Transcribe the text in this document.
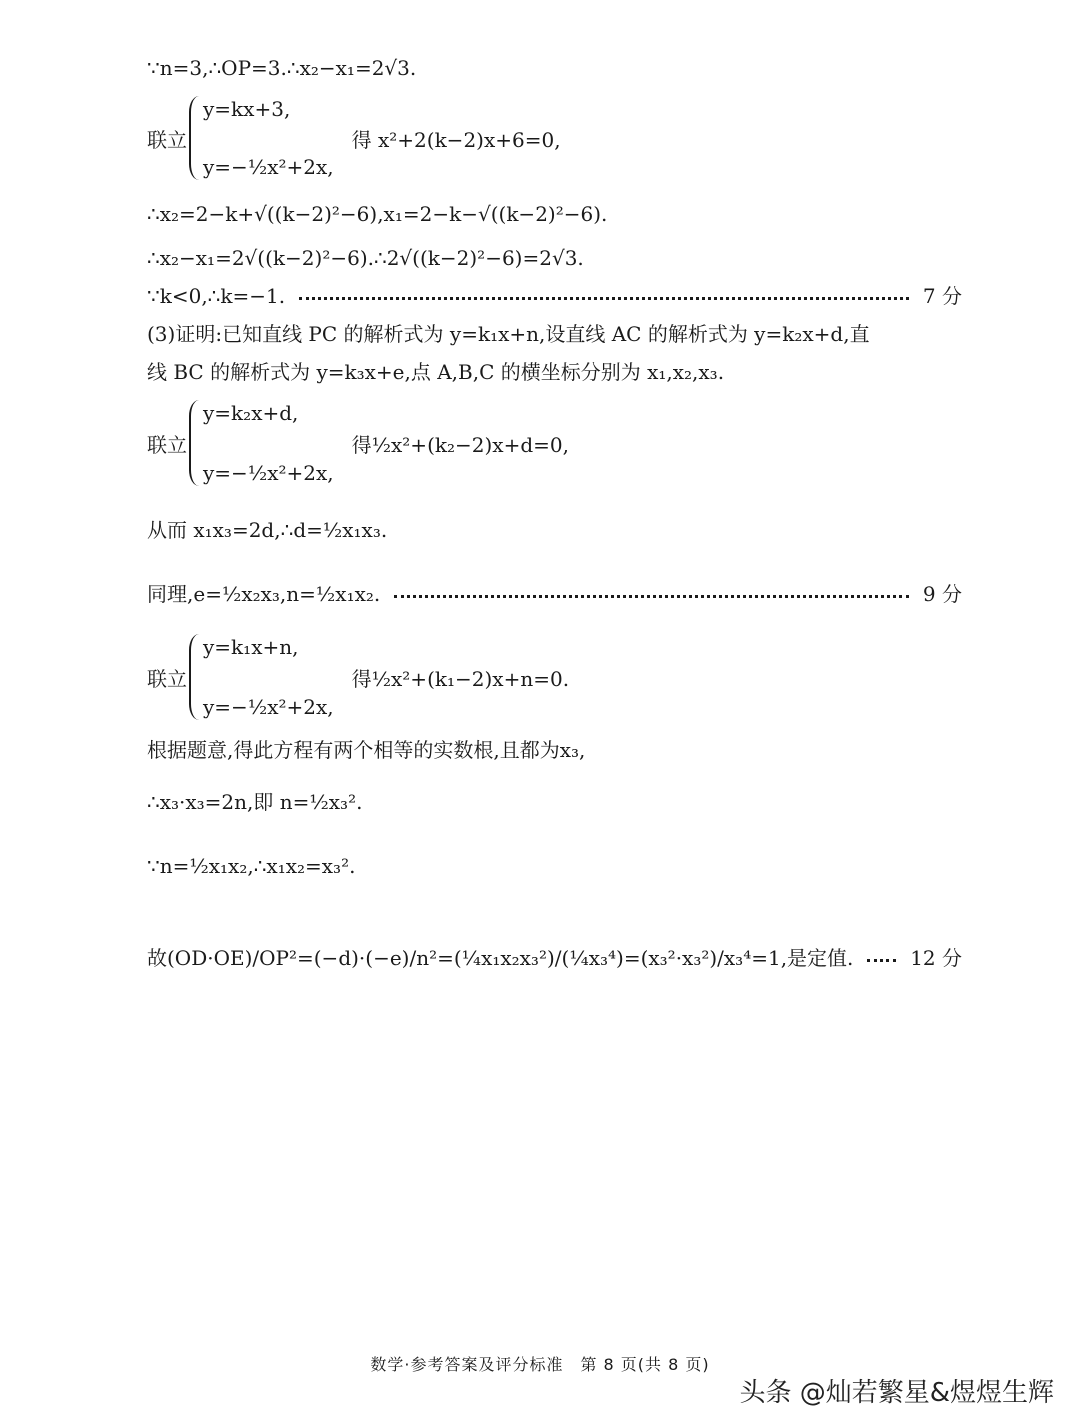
∵n=3,∴OP=3.∴x₂−x₁=2√3.
联立
y=kx+3,
y=−½x²+2x,
得 x²+2(k−2)x+6=0,
∴x₂=2−k+√((k−2)²−6),x₁=2−k−√((k−2)²−6).
∴x₂−x₁=2√((k−2)²−6).∴2√((k−2)²−6)=2√3.
∵k<0,∴k=−1.	7 分
(3)证明:已知直线 PC 的解析式为 y=k₁x+n,设直线 AC 的解析式为 y=k₂x+d,直
线 BC 的解析式为 y=k₃x+e,点 A,B,C 的横坐标分别为 x₁,x₂,x₃.
联立
y=k₂x+d,
y=−½x²+2x,
得½x²+(k₂−2)x+d=0,
从而 x₁x₃=2d,∴d=½x₁x₃.
同理,e=½x₂x₃,n=½x₁x₂.	9 分
联立
y=k₁x+n,
y=−½x²+2x,
得½x²+(k₁−2)x+n=0.
根据题意,得此方程有两个相等的实数根,且都为x₃,
∴x₃·x₃=2n,即 n=½x₃².
∵n=½x₁x₂,∴x₁x₂=x₃².
故(OD·OE)/OP²=(−d)·(−e)/n²=(¼x₁x₂x₃²)/(¼x₃⁴)=(x₃²·x₃²)/x₃⁴=1,是定值.	12 分
数学·参考答案及评分标准　第 8 页(共 8 页)
头条 @灿若繁星&煜煜生辉
